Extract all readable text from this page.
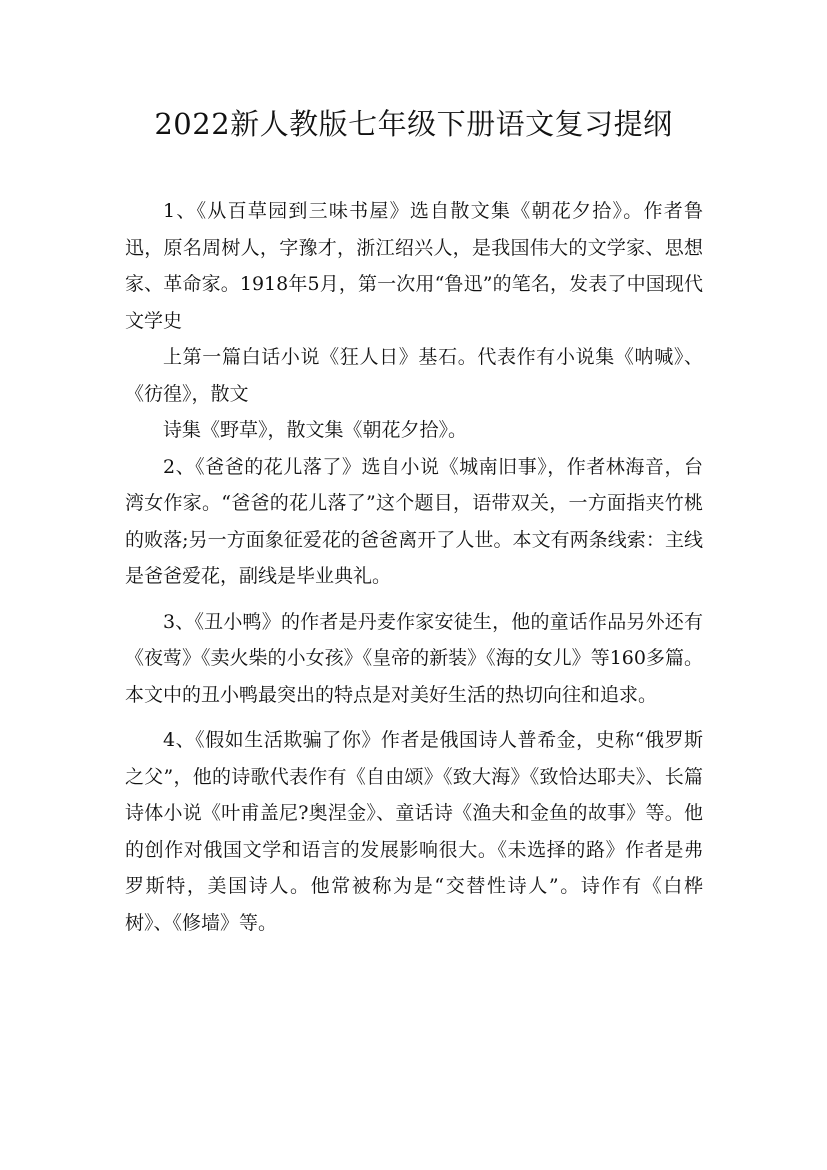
2022新人教版七年级下册语文复习提纲

1、《从百草园到三味书屋》选自散文集《朝花夕拾》。作者鲁迅，原名周树人，字豫才，浙江绍兴人，是我国伟大的文学家、思想家、革命家。1918年5月，第一次用“鲁迅”的笔名，发表了中国现代文学史

上第一篇白话小说《狂人日》基石。代表作有小说集《呐喊》、《彷徨》，散文

诗集《野草》，散文集《朝花夕拾》。

2、《爸爸的花儿落了》选自小说《城南旧事》，作者林海音，台湾女作家。“爸爸的花儿落了”这个题目，语带双关，一方面指夹竹桃的败落;另一方面象征爱花的爸爸离开了人世。本文有两条线索：主线是爸爸爱花，副线是毕业典礼。

3、《丑小鸭》的作者是丹麦作家安徒生，他的童话作品另外还有《夜莺》《卖火柴的小女孩》《皇帝的新装》《海的女儿》等160多篇。本文中的丑小鸭最突出的特点是对美好生活的热切向往和追求。

4、《假如生活欺骗了你》作者是俄国诗人普希金，史称“俄罗斯之父”，他的诗歌代表作有《自由颂》《致大海》《致恰达耶夫》、长篇诗体小说《叶甫盖尼?奥涅金》、童话诗《渔夫和金鱼的故事》等。他的创作对俄国文学和语言的发展影响很大。《未选择的路》作者是弗罗斯特，美国诗人。他常被称为是“交替性诗人”。诗作有《白桦树》、《修墙》等。
